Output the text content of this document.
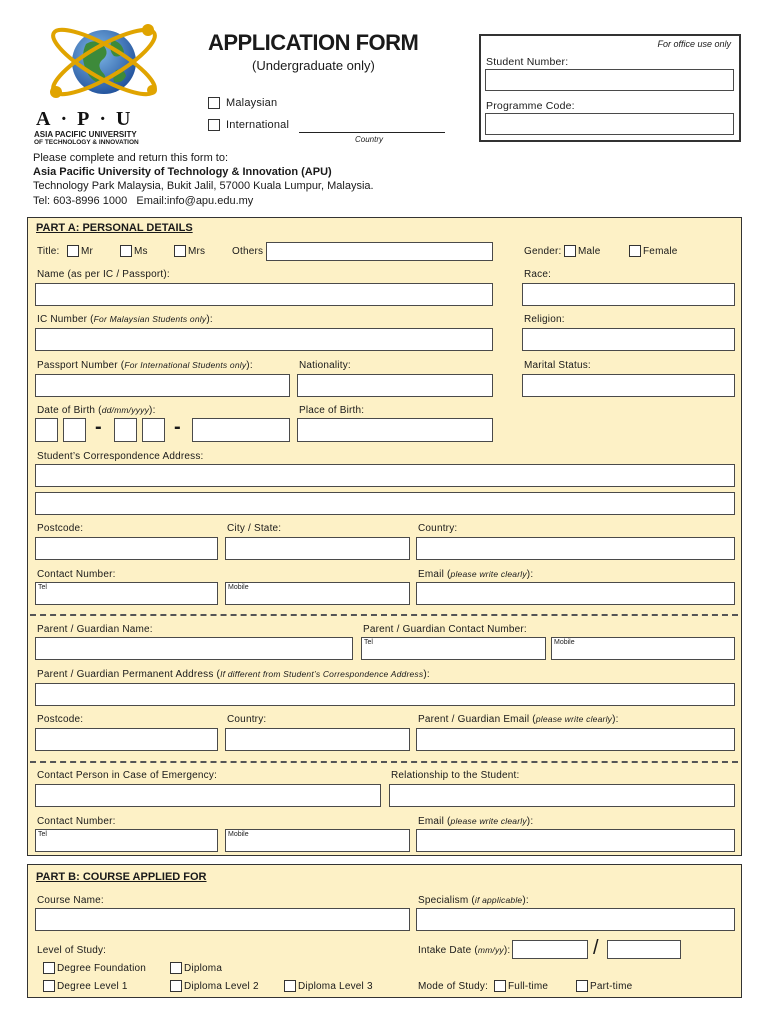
A·P·U
ASIA PACIFIC UNIVERSITY
OF TECHNOLOGY & INNOVATION
APPLICATION FORM
(Undergraduate only)
Malaysian
International
Country
For office use only
Student Number:
Programme Code:
Please complete and return this form to:
Asia Pacific University of Technology & Innovation (APU)
Technology Park Malaysia, Bukit Jalil, 57000 Kuala Lumpur, Malaysia.
Tel: 603-8996 1000   Email:info@apu.edu.my
PART A: PERSONAL DETAILS
Title: Mr	Ms	Mrs	Others	Gender: Male	Female
Name (as per IC / Passport):	Race:
IC Number (For Malaysian Students only):	Religion:
Passport Number (For International Students only):	Nationality:	Marital Status:
Date of Birth (dd/mm/yyyy):	Place of Birth:
-	-
Student’s Correspondence Address:
Postcode:	City / State:	Country:
Contact Number:	Email (please write clearly):
Tel	Mobile
Parent / Guardian Name:	Parent / Guardian Contact Number:
Tel	Mobile
Parent / Guardian Permanent Address (If different from Student’s Correspondence Address):
Postcode:	Country:	Parent / Guardian Email (please write clearly):
Contact Person in Case of Emergency:	Relationship to the Student:
Contact Number:	Email (please write clearly):
Tel	Mobile
PART B: COURSE APPLIED FOR
Course Name:	Specialism (if applicable):
Level of Study:	Intake Date (mm/yy):	/
Degree Foundation	Diploma
Degree Level 1	Diploma Level 2	Diploma Level 3	Mode of Study: Full-time	Part-time
